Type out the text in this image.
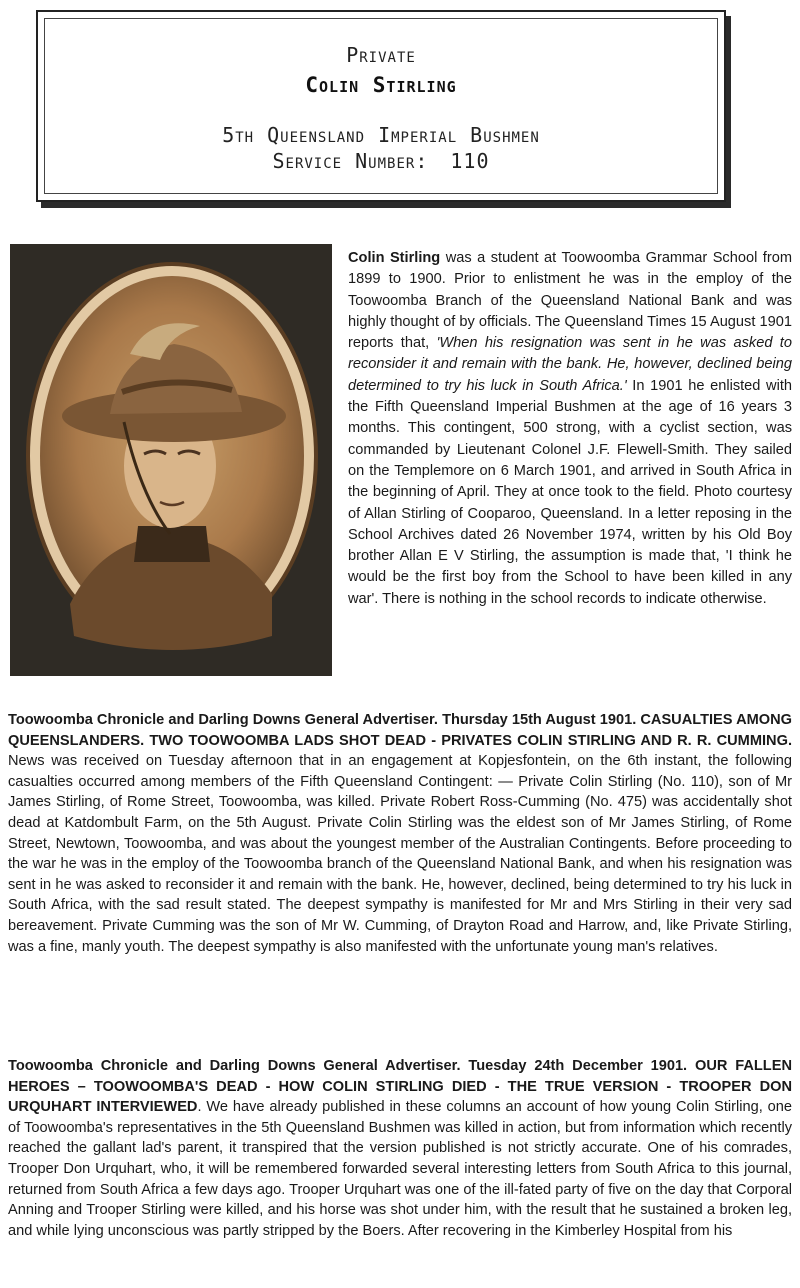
Private
Colin Stirling
5th Queensland Imperial Bushmen
Service Number: 110
Colin Stirling was a student at Toowoomba Grammar School from 1899 to 1900. Prior to enlistment he was in the employ of the Toowoomba Branch of the Queensland National Bank and was highly thought of by officials. The Queensland Times 15 August 1901 reports that, 'When his resignation was sent in he was asked to reconsider it and remain with the bank. He, however, declined being determined to try his luck in South Africa.' In 1901 he enlisted with the Fifth Queensland Imperial Bushmen at the age of 16 years 3 months. This contingent, 500 strong, with a cyclist section, was commanded by Lieutenant Colonel J.F. Flewell-Smith. They sailed on the Templemore on 6 March 1901, and arrived in South Africa in the beginning of April. They at once took to the field. Photo courtesy of Allan Stirling of Cooparoo, Queensland. In a letter reposing in the School Archives dated 26 November 1974, written by his Old Boy brother Allan E V Stirling, the assumption is made that, 'I think he would be the first boy from the School to have been killed in any war'. There is nothing in the school records to indicate otherwise.
Toowoomba Chronicle and Darling Downs General Advertiser. Thursday 15th August 1901. CASUALTIES AMONG QUEENSLANDERS. TWO TOOWOOMBA LADS SHOT DEAD - PRIVATES COLIN STIRLING AND R. R. CUMMING. News was received on Tuesday afternoon that in an engagement at Kopjesfontein, on the 6th instant, the following casualties occurred among members of the Fifth Queensland Contingent: — Private Colin Stirling (No. 110), son of Mr James Stirling, of Rome Street, Toowoomba, was killed. Private Robert Ross-Cumming (No. 475) was accidentally shot dead at Katdombult Farm, on the 5th August. Private Colin Stirling was the eldest son of Mr James Stirling, of Rome Street, Newtown, Toowoomba, and was about the youngest member of the Australian Contingents. Before proceeding to the war he was in the employ of the Toowoomba branch of the Queensland National Bank, and when his resignation was sent in he was asked to reconsider it and remain with the bank. He, however, declined, being determined to try his luck in South Africa, with the sad result stated. The deepest sympathy is manifested for Mr and Mrs Stirling in their very sad bereavement. Private Cumming was the son of Mr W. Cumming, of Drayton Road and Harrow, and, like Private Stirling, was a fine, manly youth. The deepest sympathy is also manifested with the unfortunate young man's relatives.
Toowoomba Chronicle and Darling Downs General Advertiser. Tuesday 24th December 1901. OUR FALLEN HEROES – TOOWOOMBA'S DEAD - HOW COLIN STIRLING DIED - THE TRUE VERSION - TROOPER DON URQUHART INTERVIEWED. We have already published in these columns an account of how young Colin Stirling, one of Toowoomba's representatives in the 5th Queensland Bushmen was killed in action, but from information which recently reached the gallant lad's parent, it transpired that the version published is not strictly accurate. One of his comrades, Trooper Don Urquhart, who, it will be remembered forwarded several interesting letters from South Africa to this journal, returned from South Africa a few days ago. Trooper Urquhart was one of the ill-fated party of five on the day that Corporal Anning and Trooper Stirling were killed, and his horse was shot under him, with the result that he sustained a broken leg, and while lying unconscious was partly stripped by the Boers. After recovering in the Kimberley Hospital from his
